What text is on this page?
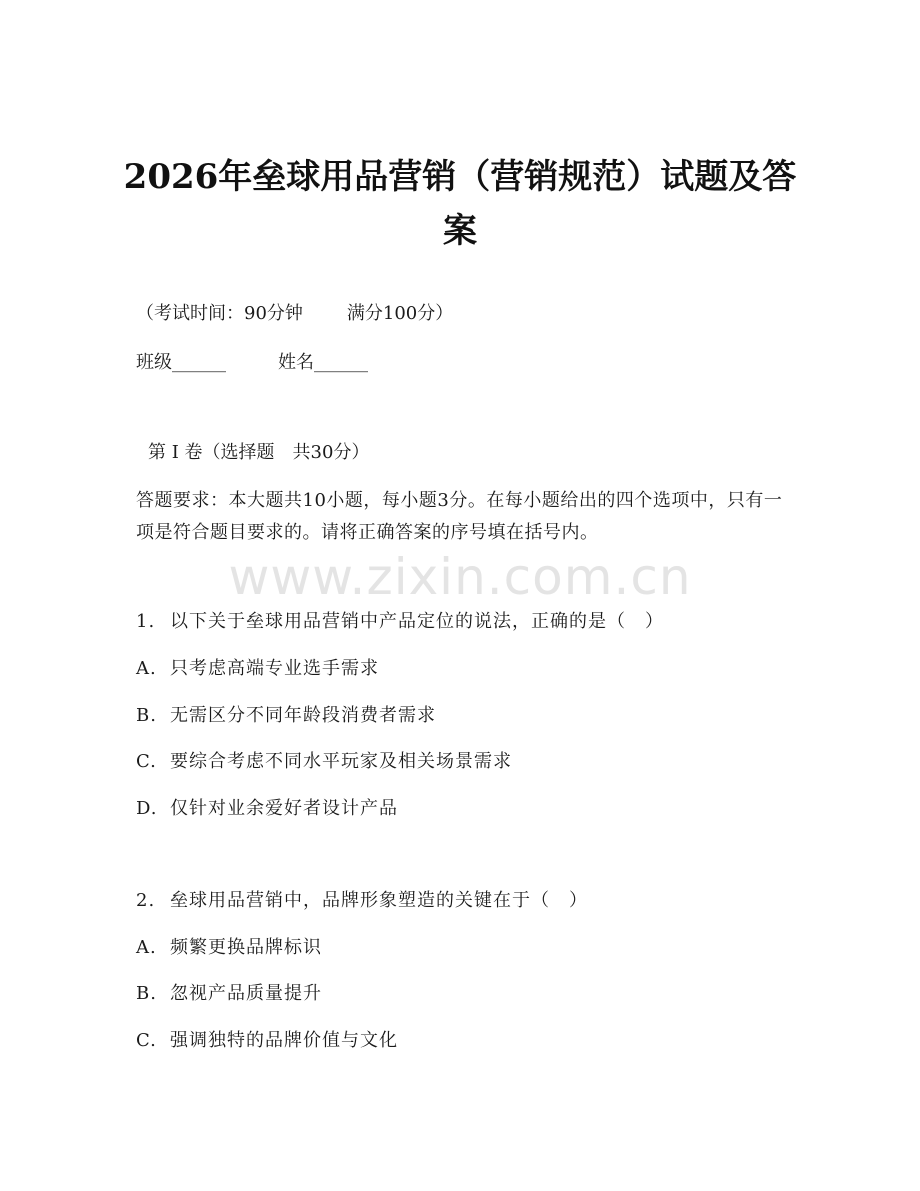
2026年垒球用品营销（营销规范）试题及答
案
（考试时间：90分钟 满分100分）
班级______	姓名______
第 I 卷（选择题　共30分）
答题要求：本大题共10小题，每小题3分。在每小题给出的四个选项中，只有一项是符合题目要求的。请将正确答案的序号填在括号内。
www.zixin.com.cn
1. 以下关于垒球用品营销中产品定位的说法，正确的是（　）
A. 只考虑高端专业选手需求
B. 无需区分不同年龄段消费者需求
C. 要综合考虑不同水平玩家及相关场景需求
D. 仅针对业余爱好者设计产品
2. 垒球用品营销中，品牌形象塑造的关键在于（　）
A. 频繁更换品牌标识
B. 忽视产品质量提升
C. 强调独特的品牌价值与文化
